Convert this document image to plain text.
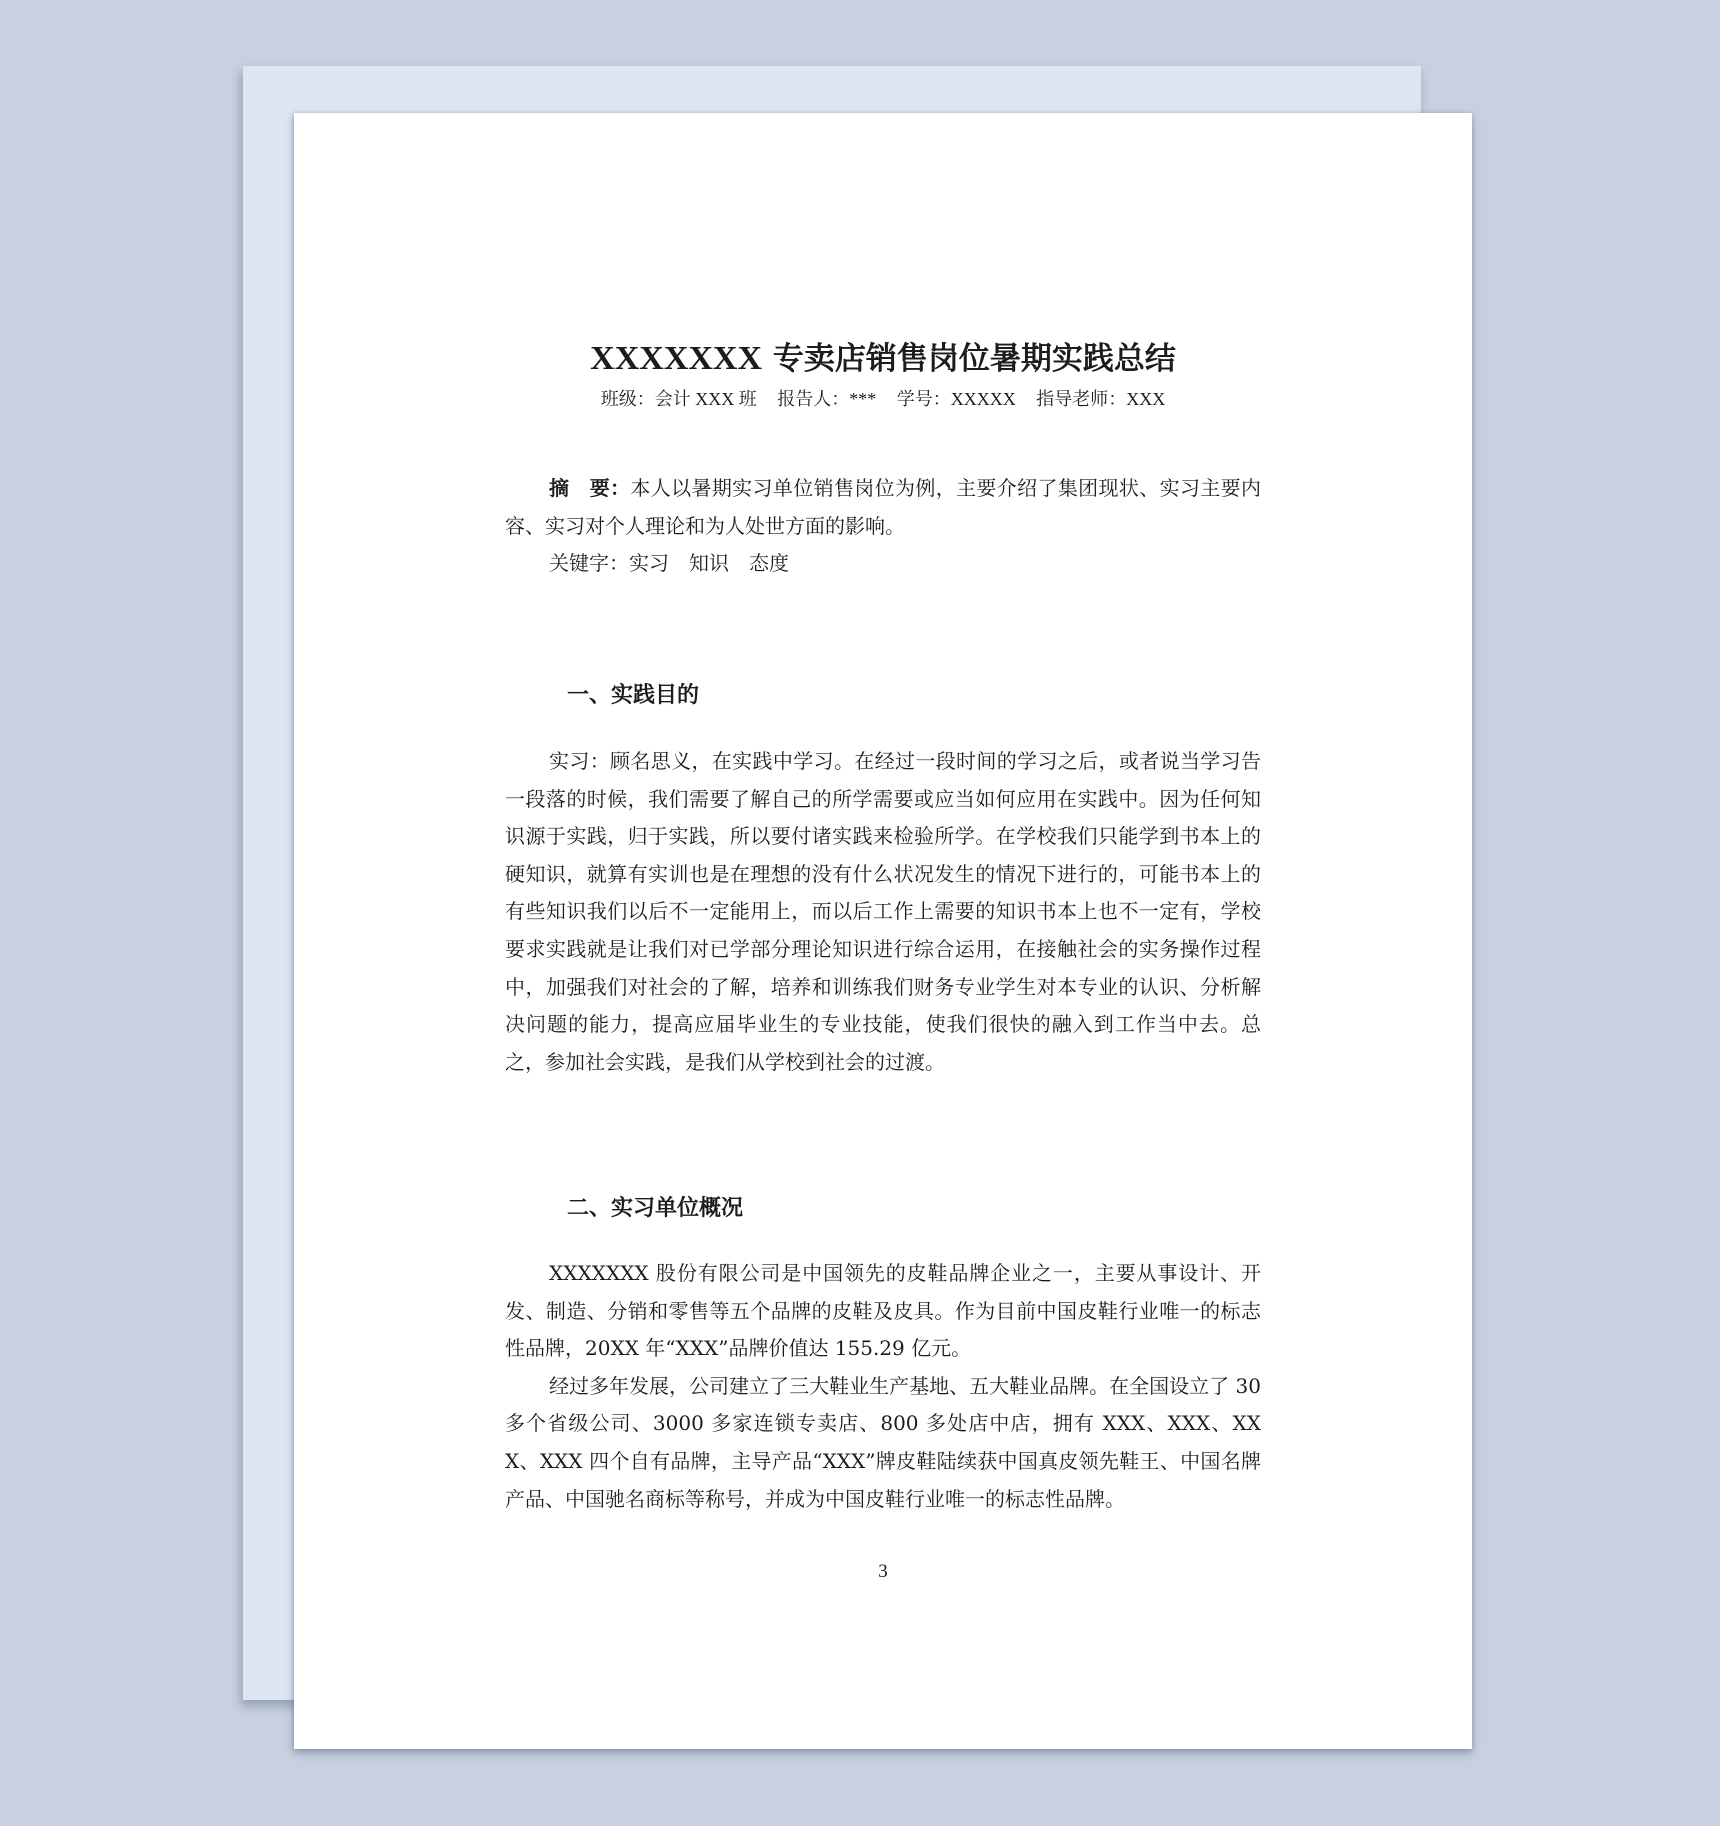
XXXXXXX 专卖店销售岗位暑期实践总结
班级：会计 XXX 班 报告人：*** 学号：XXXXX 指导老师：XXX

摘　要：本人以暑期实习单位销售岗位为例，主要介绍了集团现状、实习主要内容、实习对个人理论和为人处世方面的影响。

关键字：实习　知识　态度

一、实践目的

实习：顾名思义，在实践中学习。在经过一段时间的学习之后，或者说当学习告一段落的时候，我们需要了解自己的所学需要或应当如何应用在实践中。因为任何知识源于实践，归于实践，所以要付诸实践来检验所学。在学校我们只能学到书本上的硬知识，就算有实训也是在理想的没有什么状况发生的情况下进行的，可能书本上的有些知识我们以后不一定能用上，而以后工作上需要的知识书本上也不一定有，学校要求实践就是让我们对已学部分理论知识进行综合运用，在接触社会的实务操作过程中，加强我们对社会的了解，培养和训练我们财务专业学生对本专业的认识、分析解决问题的能力，提高应届毕业生的专业技能，使我们很快的融入到工作当中去。总之，参加社会实践，是我们从学校到社会的过渡。

二、实习单位概况

XXXXXXX 股份有限公司是中国领先的皮鞋品牌企业之一，主要从事设计、开发、制造、分销和零售等五个品牌的皮鞋及皮具。作为目前中国皮鞋行业唯一的标志性品牌，20XX 年“XXX”品牌价值达 155.29 亿元。

经过多年发展，公司建立了三大鞋业生产基地、五大鞋业品牌。在全国设立了 30 多个省级公司、3000 多家连锁专卖店、800 多处店中店，拥有 XXX、XXX、XXX、XXX 四个自有品牌，主导产品“XXX”牌皮鞋陆续获中国真皮领先鞋王、中国名牌产品、中国驰名商标等称号，并成为中国皮鞋行业唯一的标志性品牌。

3
